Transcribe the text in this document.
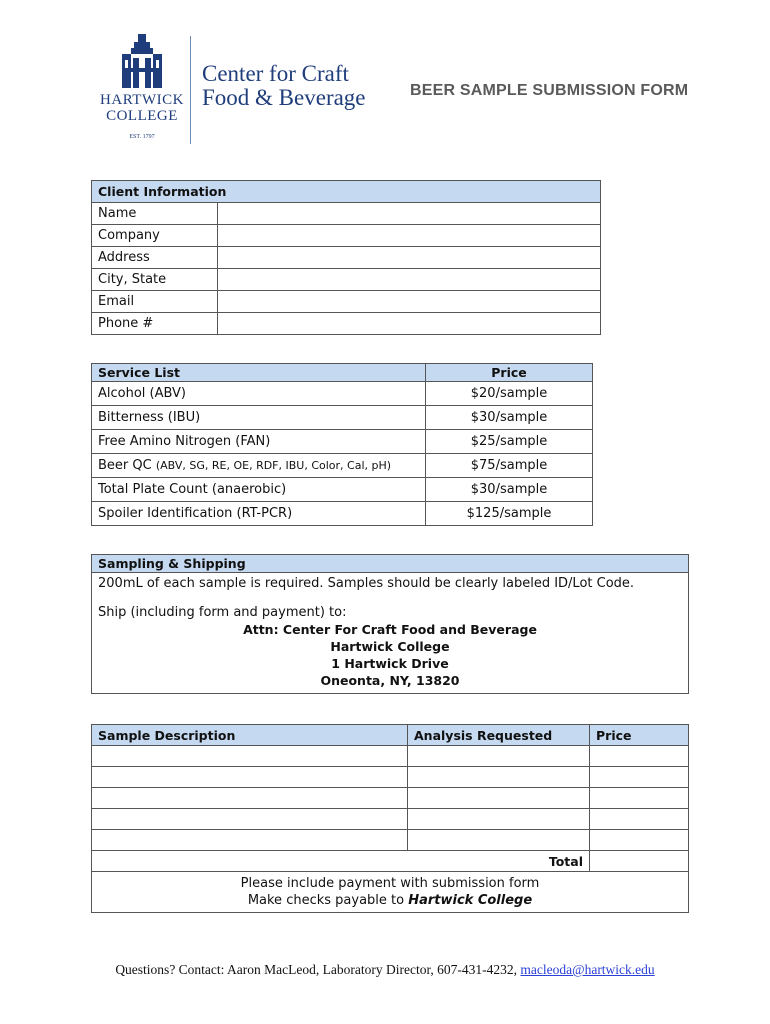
HARTWICK
COLLEGE
EST. 1797
Center for Craft
Food & Beverage	BEER SAMPLE SUBMISSION FORM
Client Information	
Name	
Company	
Address	
City, State	
Email	
Phone #	
Service List	Price
Alcohol (ABV)	$20/sample
Bitterness (IBU)	$30/sample
Free Amino Nitrogen (FAN)	$25/sample
Beer QC (ABV, SG, RE, OE, RDF, IBU, Color, Cal, pH)	$75/sample
Total Plate Count (anaerobic)	$30/sample
Spoiler Identification (RT-PCR)	$125/sample
Sampling & Shipping

200mL of each sample is required. Samples should be clearly labeled ID/Lot Code.
Ship (including form and payment) to:
Attn: Center For Craft Food and Beverage
Hartwick College
1 Hartwick Drive
Oneonta, NY, 13820
Sample Description	Analysis Requested	Price

Total		

Please include payment with submission form
Make checks payable to Hartwick College		
Questions? Contact: Aaron MacLeod, Laboratory Director, 607-431-4232, macleoda@hartwick.edu
